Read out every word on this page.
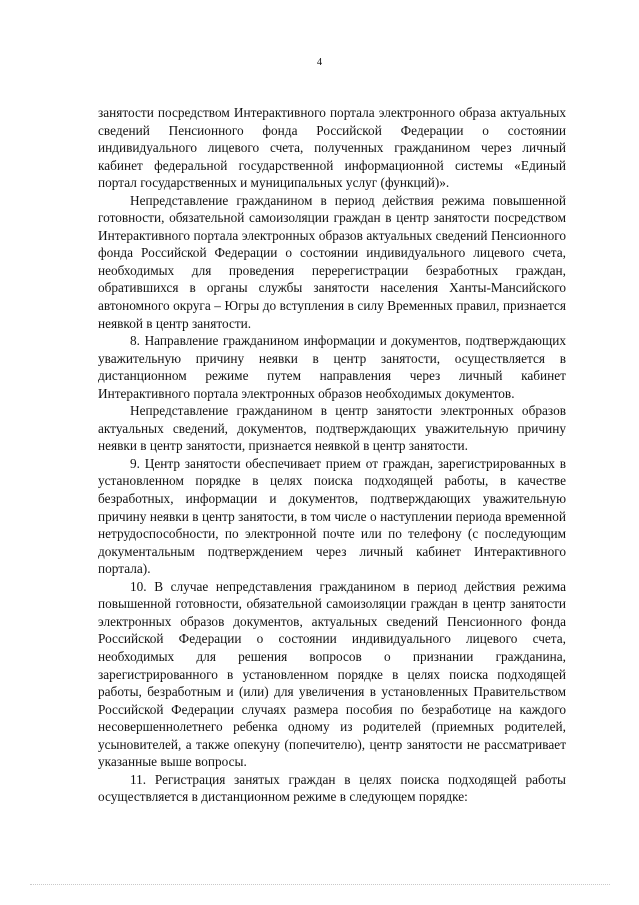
4

занятости посредством Интерактивного портала электронного образа актуальных сведений Пенсионного фонда Российской Федерации о состоянии индивидуального лицевого счета, полученных гражданином через личный кабинет федеральной государственной информационной системы «Единый портал государственных и муниципальных услуг (функций)».

Непредставление гражданином в период действия режима повышенной готовности, обязательной самоизоляции граждан в центр занятости посредством Интерактивного портала электронных образов актуальных сведений Пенсионного фонда Российской Федерации о состоянии индивидуального лицевого счета, необходимых для проведения перерегистрации безработных граждан, обратившихся в органы службы занятости населения Ханты-Мансийского автономного округа – Югры до вступления в силу Временных правил, признается неявкой в центр занятости.

8. Направление гражданином информации и документов, подтверждающих уважительную причину неявки в центр занятости, осуществляется в дистанционном режиме путем направления через личный кабинет Интерактивного портала электронных образов необходимых документов.

Непредставление гражданином в центр занятости электронных образов актуальных сведений, документов, подтверждающих уважительную причину неявки в центр занятости, признается неявкой в центр занятости.

9. Центр занятости обеспечивает прием от граждан, зарегистрированных в установленном порядке в целях поиска подходящей работы, в качестве безработных, информации и документов, подтверждающих уважительную причину неявки в центр занятости, в том числе о наступлении периода временной нетрудоспособности, по электронной почте или по телефону (с последующим документальным подтверждением через личный кабинет Интерактивного портала).

10. В случае непредставления гражданином в период действия режима повышенной готовности, обязательной самоизоляции граждан в центр занятости электронных образов документов, актуальных сведений Пенсионного фонда Российской Федерации о состоянии индивидуального лицевого счета, необходимых для решения вопросов о признании гражданина, зарегистрированного в установленном порядке в целях поиска подходящей работы, безработным и (или) для увеличения в установленных Правительством Российской Федерации случаях размера пособия по безработице на каждого несовершеннолетнего ребенка одному из родителей (приемных родителей, усыновителей, а также опекуну (попечителю), центр занятости не рассматривает указанные выше вопросы.

11. Регистрация занятых граждан в целях поиска подходящей работы осуществляется в дистанционном режиме в следующем порядке:
